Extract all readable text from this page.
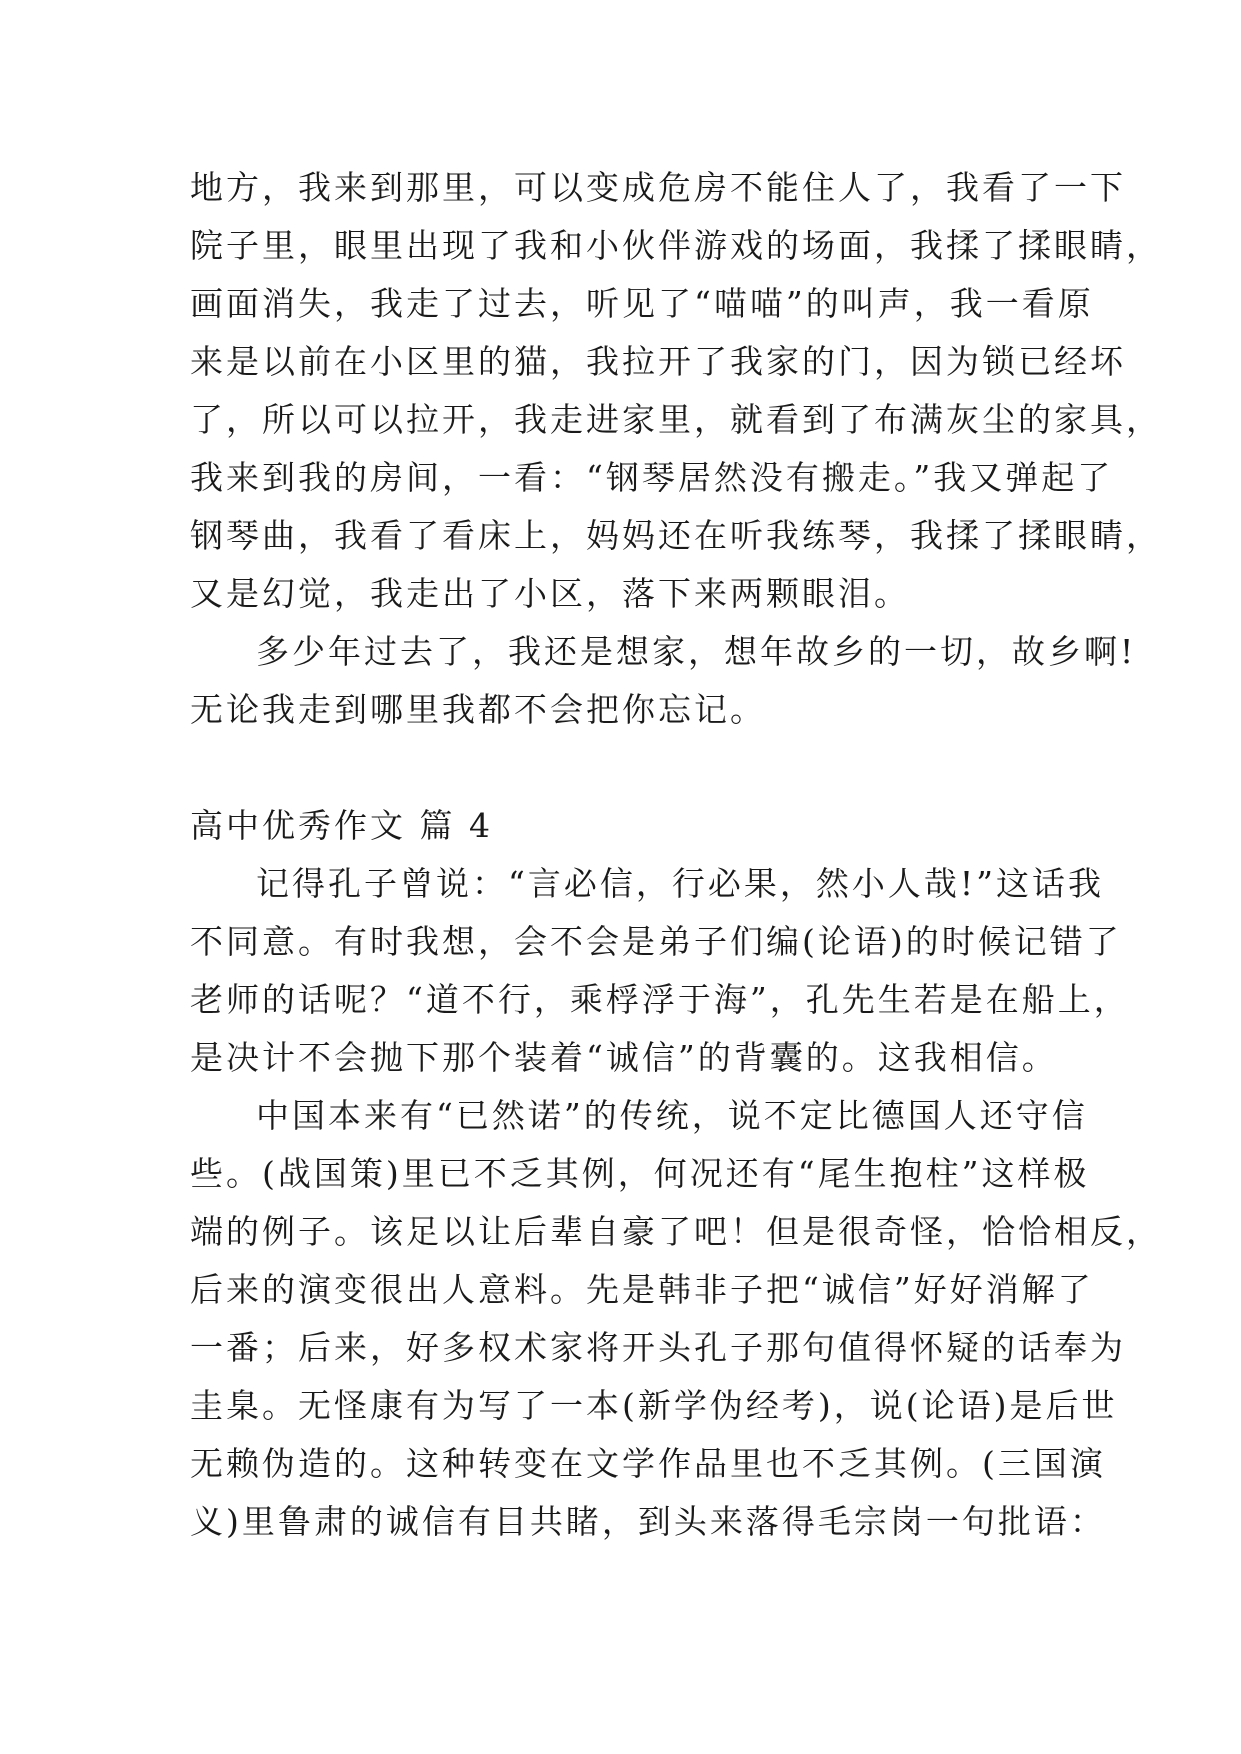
地方，我来到那里，可以变成危房不能住人了，我看了一下
院子里，眼里出现了我和小伙伴游戏的场面，我揉了揉眼睛，
画面消失，我走了过去，听见了“喵喵”的叫声，我一看原
来是以前在小区里的猫，我拉开了我家的门，因为锁已经坏
了，所以可以拉开，我走进家里，就看到了布满灰尘的家具，
我来到我的房间，一看：“钢琴居然没有搬走。”我又弹起了
钢琴曲，我看了看床上，妈妈还在听我练琴，我揉了揉眼睛，
又是幻觉，我走出了小区，落下来两颗眼泪。
多少年过去了，我还是想家，想年故乡的一切，故乡啊!
无论我走到哪里我都不会把你忘记。
高中优秀作文 篇 4
记得孔子曾说：“言必信，行必果，然小人哉!”这话我
不同意。有时我想，会不会是弟子们编(论语)的时候记错了
老师的话呢？“道不行，乘桴浮于海”，孔先生若是在船上，
是决计不会抛下那个装着“诚信”的背囊的。这我相信。
中国本来有“已然诺”的传统，说不定比德国人还守信
些。(战国策)里已不乏其例，何况还有“尾生抱柱”这样极
端的例子。该足以让后辈自豪了吧！但是很奇怪，恰恰相反，
后来的演变很出人意料。先是韩非子把“诚信”好好消解了
一番；后来，好多权术家将开头孔子那句值得怀疑的话奉为
圭臬。无怪康有为写了一本(新学伪经考)，说(论语)是后世
无赖伪造的。这种转变在文学作品里也不乏其例。(三国演
义)里鲁肃的诚信有目共睹，到头来落得毛宗岗一句批语：
